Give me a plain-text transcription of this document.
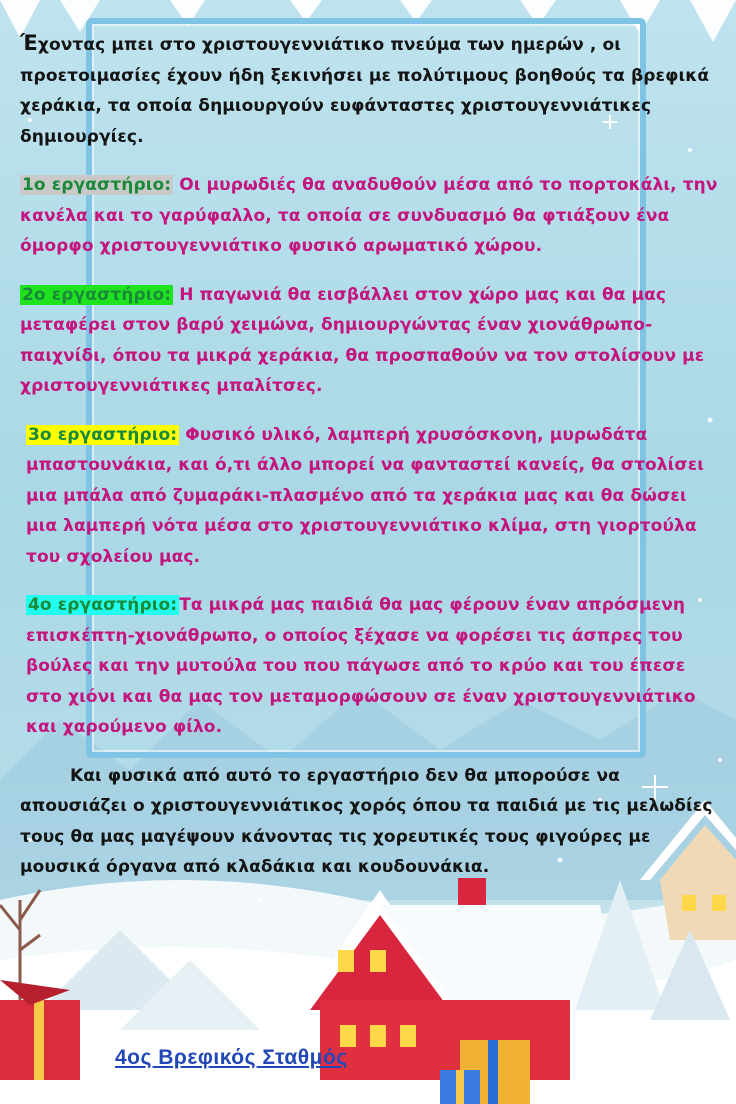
Έχοντας μπει στο χριστουγεννιάτικο πνεύμα των ημερών , οι προετοιμασίες έχουν ήδη ξεκινήσει με πολύτιμους βοηθούς τα βρεφικά χεράκια, τα οποία δημιουργούν ευφάνταστες χριστουγεννιάτικες δημιουργίες.

1ο εργαστήριο: Οι μυρωδιές θα αναδυθούν μέσα από το πορτοκάλι, την κανέλα και το γαρύφαλλο, τα οποία σε συνδυασμό θα φτιάξουν ένα όμορφο χριστουγεννιάτικο φυσικό αρωματικό χώρου.

2ο εργαστήριο: Η παγωνιά θα εισβάλλει στον χώρο μας και θα μας μεταφέρει στον βαρύ χειμώνα, δημιουργώντας έναν χιονάθρωπο-παιχνίδι, όπου τα μικρά χεράκια, θα προσπαθούν να τον στολίσουν με χριστουγεννιάτικες μπαλίτσες.

3ο εργαστήριο: Φυσικό υλικό, λαμπερή χρυσόσκονη, μυρωδάτα μπαστουνάκια, και ό,τι άλλο μπορεί να φανταστεί κανείς, θα στολίσει μια μπάλα από ζυμαράκι-πλασμένο από τα χεράκια μας και θα δώσει μια λαμπερή νότα μέσα στο χριστουγεννιάτικο κλίμα, στη γιορτούλα του σχολείου μας.

4ο εργαστήριο: Τα μικρά μας παιδιά θα μας φέρουν έναν απρόσμενη επισκέπτη-χιονάθρωπο, ο οποίος ξέχασε να φορέσει τις άσπρες του βούλες και την μυτούλα του που πάγωσε από το κρύο και του έπεσε στο χιόνι και θα μας τον μεταμορφώσουν σε έναν χριστουγεννιάτικο και χαρούμενο φίλο.

Και φυσικά από αυτό το εργαστήριο δεν θα μπορούσε να απουσιάζει ο χριστουγεννιάτικος χορός όπου τα παιδιά με τις μελωδίες τους θα μας μαγέψουν κάνοντας τις χορευτικές τους φιγούρες με μουσικά όργανα από κλαδάκια και κουδουνάκια.

4ος Βρεφικός Σταθμός
